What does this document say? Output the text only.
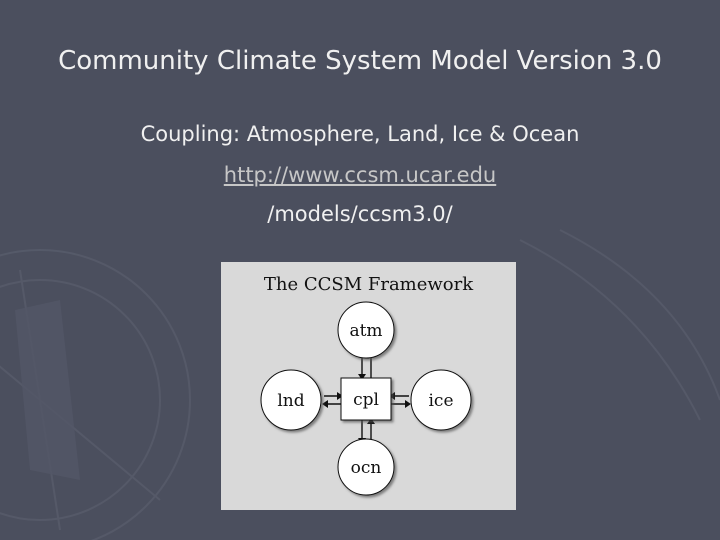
Community Climate System Model Version 3.0
Coupling: Atmosphere, Land, Ice & Ocean
http://www.ccsm.ucar.edu
/models/ccsm3.0/
The CCSM Framework
atm
lnd	cpl	ice
ocn
